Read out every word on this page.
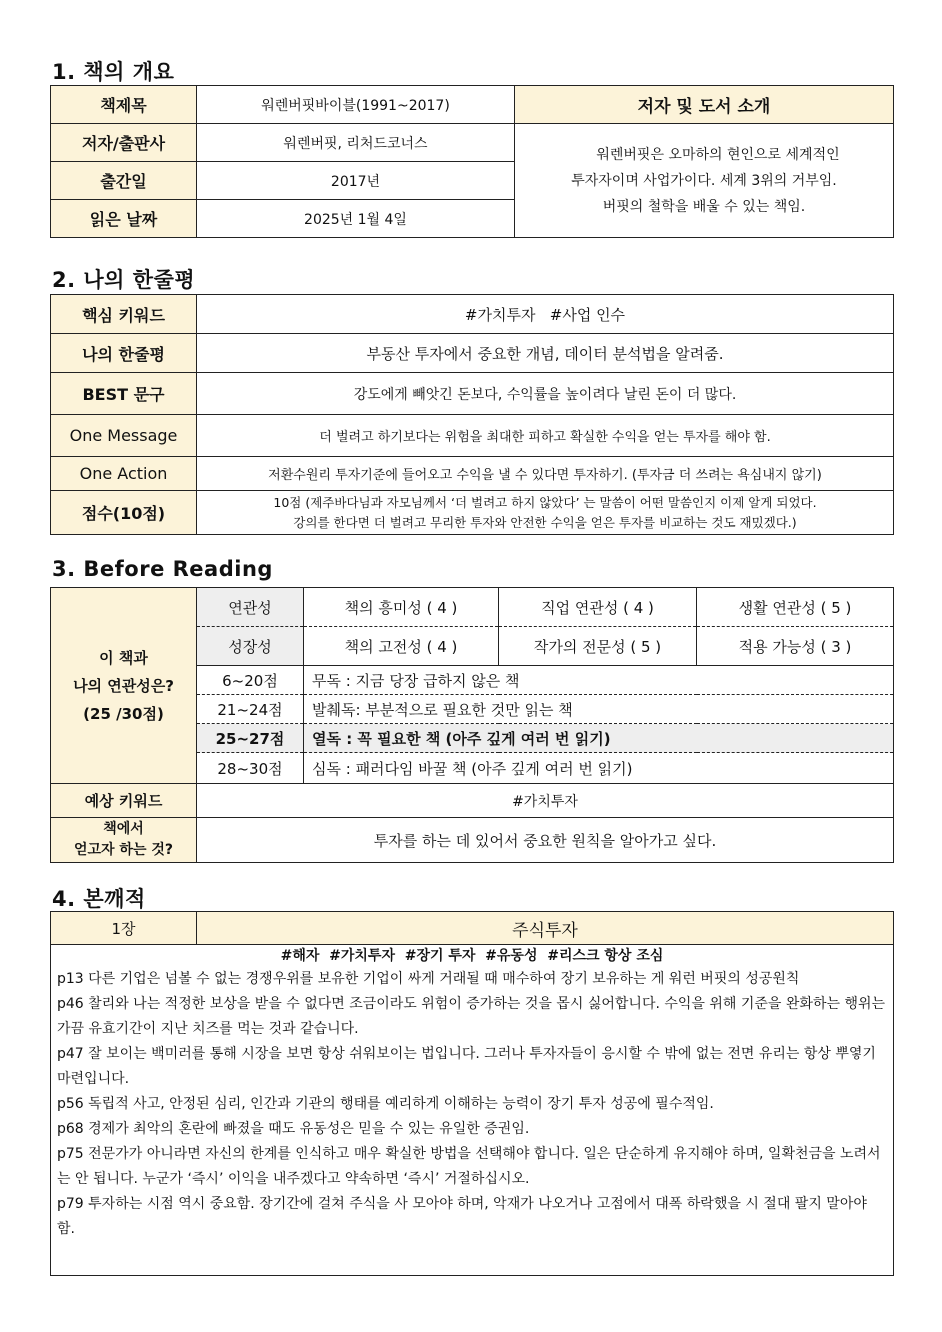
1. 책의 개요
책제목	워렌버핏바이블(1991~2017)	저자 및 도서 소개
저자/출판사	워렌버핏, 리처드코너스	워렌버핏은 오마하의 현인으로 세계적인
투자자이며 사업가이다. 세계 3위의 거부임.
버핏의 철학을 배울 수 있는 책임.

출간일	2017년	
읽은 날짜	2025년 1월 4일	
2. 나의 한줄평
핵심 키워드	#가치투자   #사업 인수
나의 한줄평	부동산 투자에서 중요한 개념, 데이터 분석법을 알려줌.
BEST 문구	강도에게 빼앗긴 돈보다, 수익률을 높이려다 날린 돈이 더 많다.
One Message	더 벌려고 하기보다는 위험을 최대한 피하고 확실한 수익을 얻는 투자를 해야 함.
One Action	저환수원리 투자기준에 들어오고 수익을 낼 수 있다면 투자하기. (투자금 더 쓰려는 욕심내지 않기)
점수(10점)	10점 (제주바다님과 자모님께서 ‘더 벌려고 하지 않았다’ 는 말씀이 어떤 말씀인지 이제 알게 되었다.
강의를 한다면 더 벌려고 무리한 투자와 안전한 수익을 얻은 투자를 비교하는 것도 재밌겠다.)
3. Before Reading
이 책과
나의 연관성은?
(25 /30점)	연관성	책의 흥미성 ( 4 )	직업 연관성 ( 4 )	생활 연관성 ( 5 )
	성장성	책의 고전성 ( 4 )	작가의 전문성 ( 5 )	적용 가능성 ( 3 )
	6~20점	무독 : 지금 당장 급하지 않은 책		
	21~24점	발췌독: 부분적으로 필요한 것만 읽는 책		
	25~27점	열독 : 꼭 필요한 책 (아주 깊게 여러 번 읽기)		
	28~30점	심독 : 패러다임 바꿀 책 (아주 깊게 여러 번 읽기)		
예상 키워드	#가치투자			

책에서
얻고자 하는 것?	투자를 하는 데 있어서 중요한 원칙을 알아가고 싶다.			
4. 본깨적
1장	주식투자

#해자  #가치투자  #장기 투자  #유동성  #리스크 항상 조심

p13 다른 기업은 넘볼 수 없는 경쟁우위를 보유한 기업이 싸게 거래될 때 매수하여 장기 보유하는 게 워런 버핏의 성공원칙

p46 찰리와 나는 적정한 보상을 받을 수 없다면 조금이라도 위험이 증가하는 것을 몹시 싫어합니다. 수익을 위해 기준을 완화하는 행위는 가끔 유효기간이 지난 치즈를 먹는 것과 같습니다.

p47 잘 보이는 백미러를 통해 시장을 보면 항상 쉬워보이는 법입니다. 그러나 투자자들이 응시할 수 밖에 없는 전면 유리는 항상 뿌옇기 마련입니다.

p56 독립적 사고, 안정된 심리, 인간과 기관의 행태를 예리하게 이해하는 능력이 장기 투자 성공에 필수적임.

p68 경제가 최악의 혼란에 빠졌을 때도 유동성은 믿을 수 있는 유일한 증권임.

p75 전문가가 아니라면 자신의 한계를 인식하고 매우 확실한 방법을 선택해야 합니다. 일은 단순하게 유지해야 하며, 일확천금을 노려서는 안 됩니다. 누군가 ‘즉시’ 이익을 내주겠다고 약속하면 ‘즉시’ 거절하십시오.

p79 투자하는 시점 역시 중요함. 장기간에 걸쳐 주식을 사 모아야 하며, 악재가 나오거나 고점에서 대폭 하락했을 시 절대 팔지 말아야 함.
